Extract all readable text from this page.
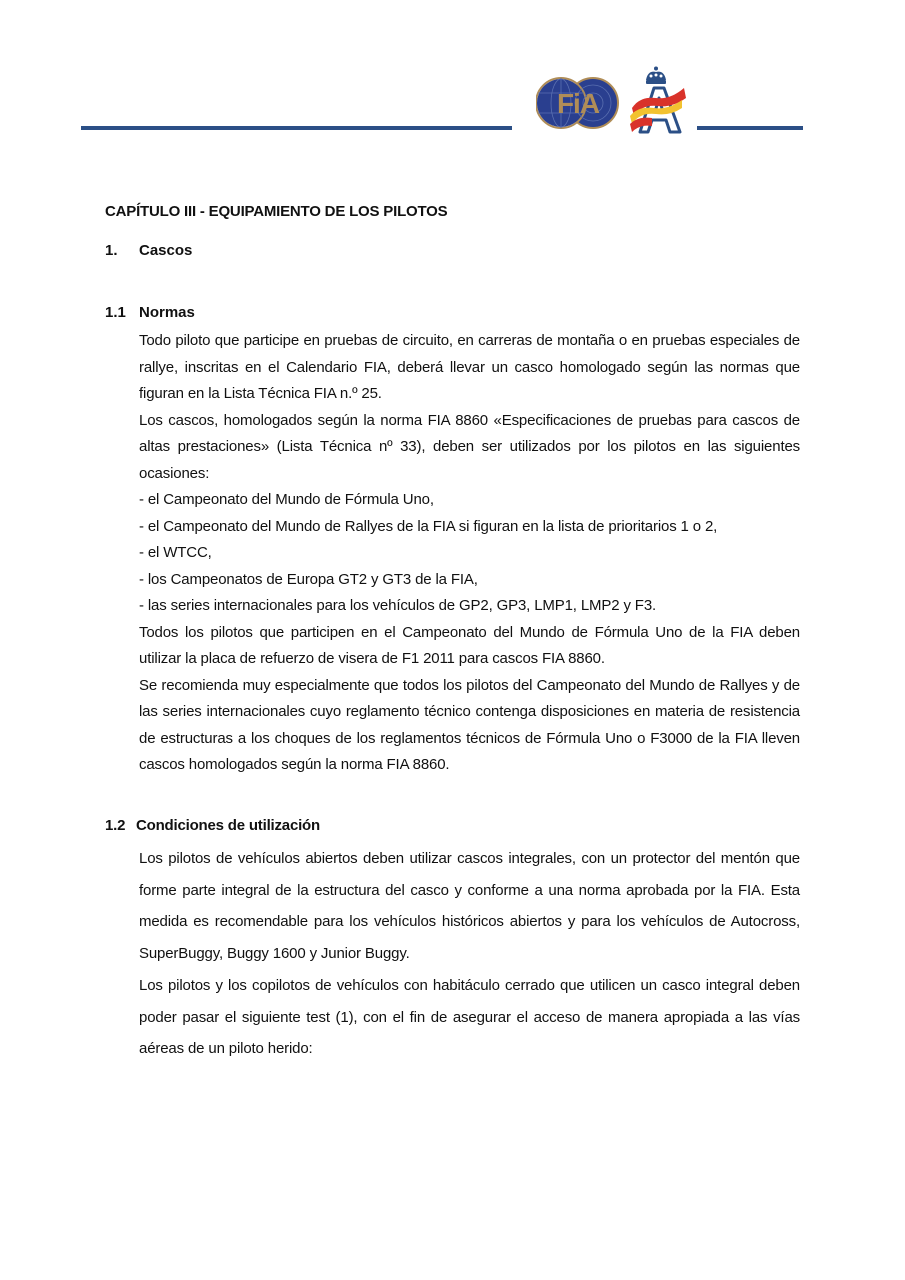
FiA
CAPÍTULO III - EQUIPAMIENTO DE LOS PILOTOS
1. Cascos
1.1 Normas

Todo piloto que participe en pruebas de circuito, en carreras de montaña o en pruebas especiales de rallye, inscritas en el Calendario FIA, deberá llevar un casco homologado según las normas que figuran en la Lista Técnica FIA n.º 25.

Los cascos, homologados según la norma FIA 8860 «Especificaciones de pruebas para cascos de altas prestaciones» (Lista Técnica nº 33), deben ser utilizados por los pilotos en las siguientes ocasiones:

- el Campeonato del Mundo de Fórmula Uno,

- el Campeonato del Mundo de Rallyes de la FIA si figuran en la lista de prioritarios 1 o 2,

- el WTCC,

- los Campeonatos de Europa GT2 y GT3 de la FIA,

- las series internacionales para los vehículos de GP2, GP3, LMP1, LMP2 y F3.

Todos los pilotos que participen en el Campeonato del Mundo de Fórmula Uno de la FIA deben utilizar la placa de refuerzo de visera de F1 2011 para cascos FIA 8860.

Se recomienda muy especialmente que todos los pilotos del Campeonato del Mundo de Rallyes y de las series internacionales cuyo reglamento técnico contenga disposiciones en materia de resistencia de estructuras a los choques de los reglamentos técnicos de Fórmula Uno o F3000 de la FIA lleven cascos homologados según la norma FIA 8860.

1.2 Condiciones de utilización

Los pilotos de vehículos abiertos deben utilizar cascos integrales, con un protector del mentón que forme parte integral de la estructura del casco y conforme a una norma aprobada por la FIA. Esta medida es recomendable para los vehículos históricos abiertos y para los vehículos de Autocross, SuperBuggy, Buggy 1600 y Junior Buggy.

Los pilotos y los copilotos de vehículos con habitáculo cerrado que utilicen un casco integral deben poder pasar el siguiente test (1), con el fin de asegurar el acceso de manera apropiada a las vías aéreas de un piloto herido:
